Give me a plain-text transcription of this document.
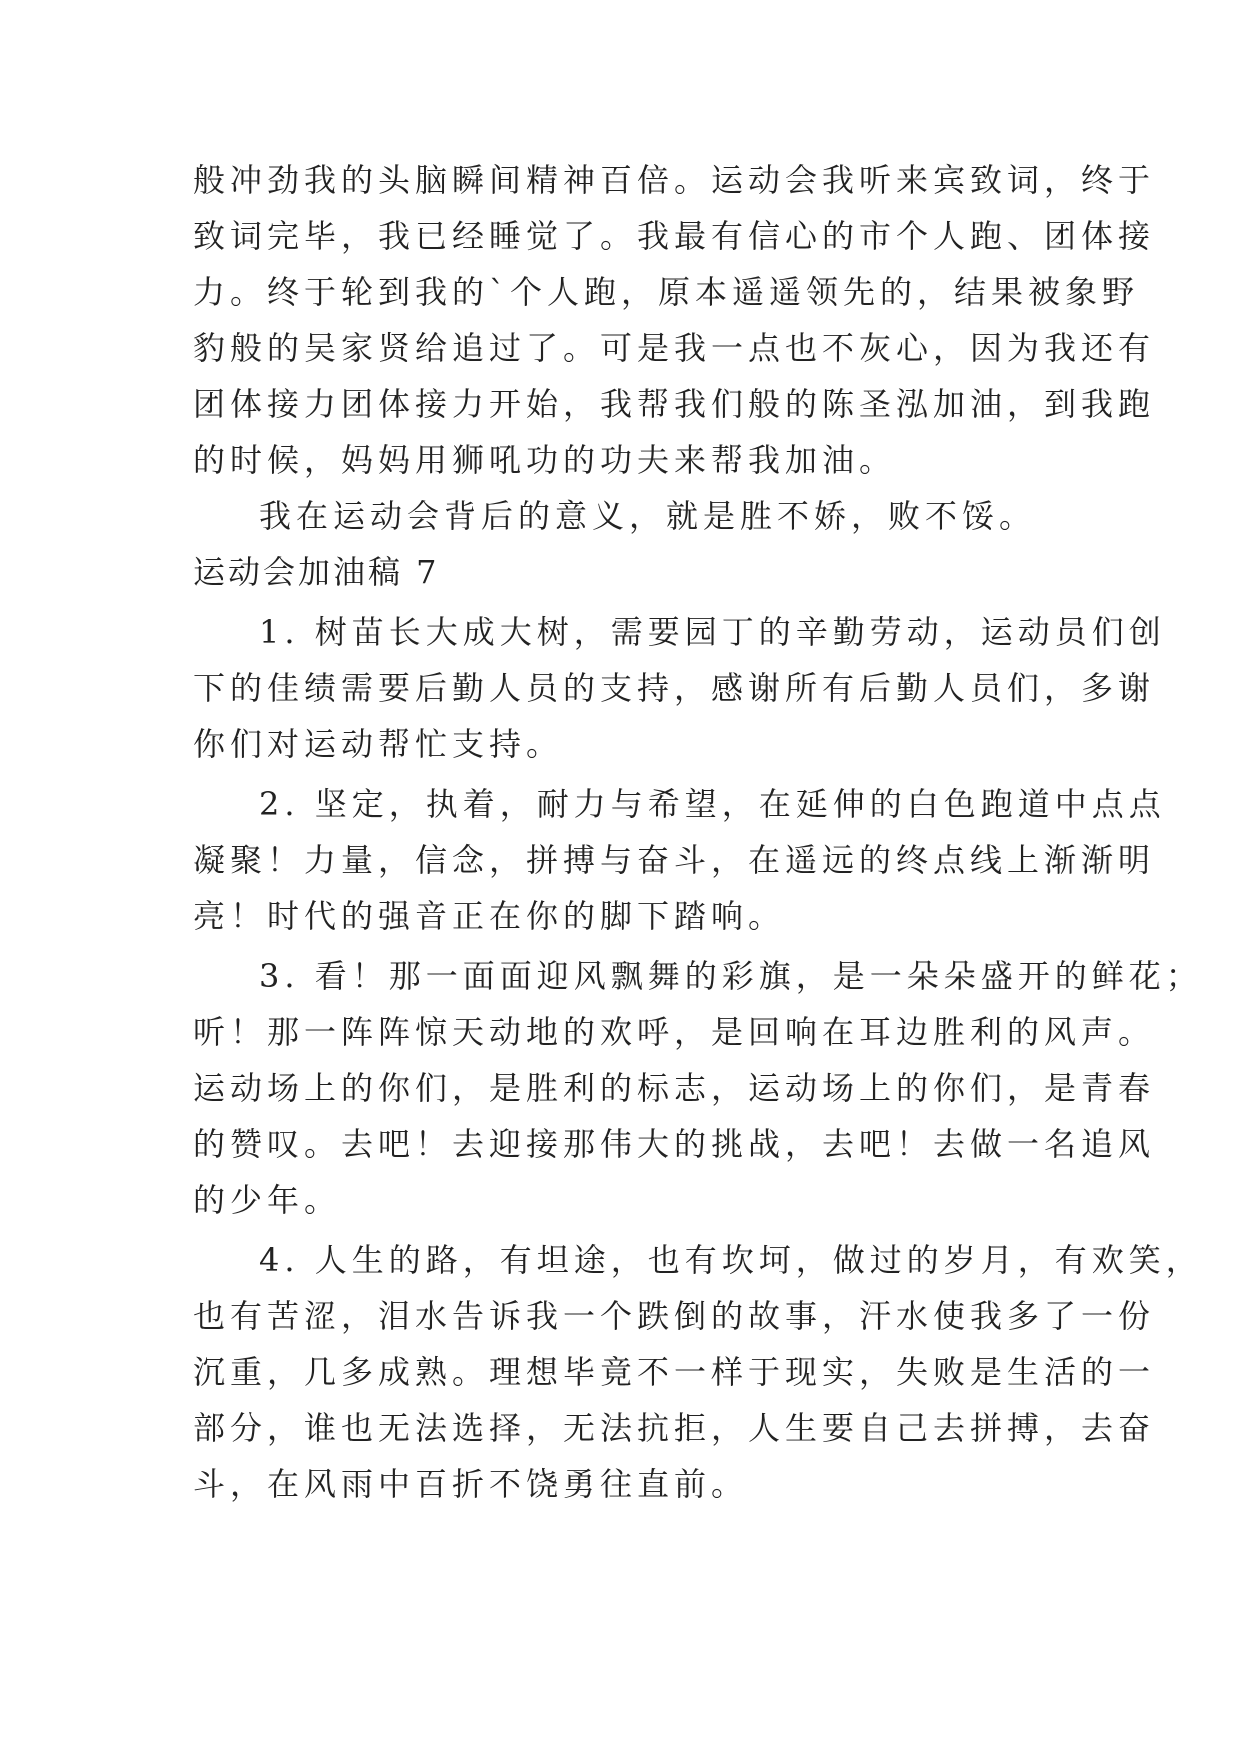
般冲劲我的头脑瞬间精神百倍。运动会我听来宾致词，终于
致词完毕，我已经睡觉了。我最有信心的市个人跑、团体接
力。终于轮到我的`个人跑，原本遥遥领先的，结果被象野
豹般的吴家贤给追过了。可是我一点也不灰心，因为我还有
团体接力团体接力开始，我帮我们般的陈圣泓加油，到我跑
的时候，妈妈用狮吼功的功夫来帮我加油。
我在运动会背后的意义，就是胜不娇，败不馁。
运动会加油稿 7
1. 树苗长大成大树，需要园丁的辛勤劳动，运动员们创
下的佳绩需要后勤人员的支持，感谢所有后勤人员们，多谢
你们对运动帮忙支持。
2. 坚定，执着，耐力与希望，在延伸的白色跑道中点点
凝聚！力量，信念，拼搏与奋斗，在遥远的终点线上渐渐明
亮！时代的强音正在你的脚下踏响。
3. 看！那一面面迎风飘舞的彩旗，是一朵朵盛开的鲜花；
听！那一阵阵惊天动地的欢呼，是回响在耳边胜利的风声。
运动场上的你们，是胜利的标志，运动场上的你们，是青春
的赞叹。去吧！去迎接那伟大的挑战，去吧！去做一名追风
的少年。
4. 人生的路，有坦途，也有坎坷，做过的岁月，有欢笑，
也有苦涩，泪水告诉我一个跌倒的故事，汗水使我多了一份
沉重，几多成熟。理想毕竟不一样于现实，失败是生活的一
部分，谁也无法选择，无法抗拒，人生要自己去拼搏，去奋
斗，在风雨中百折不饶勇往直前。
